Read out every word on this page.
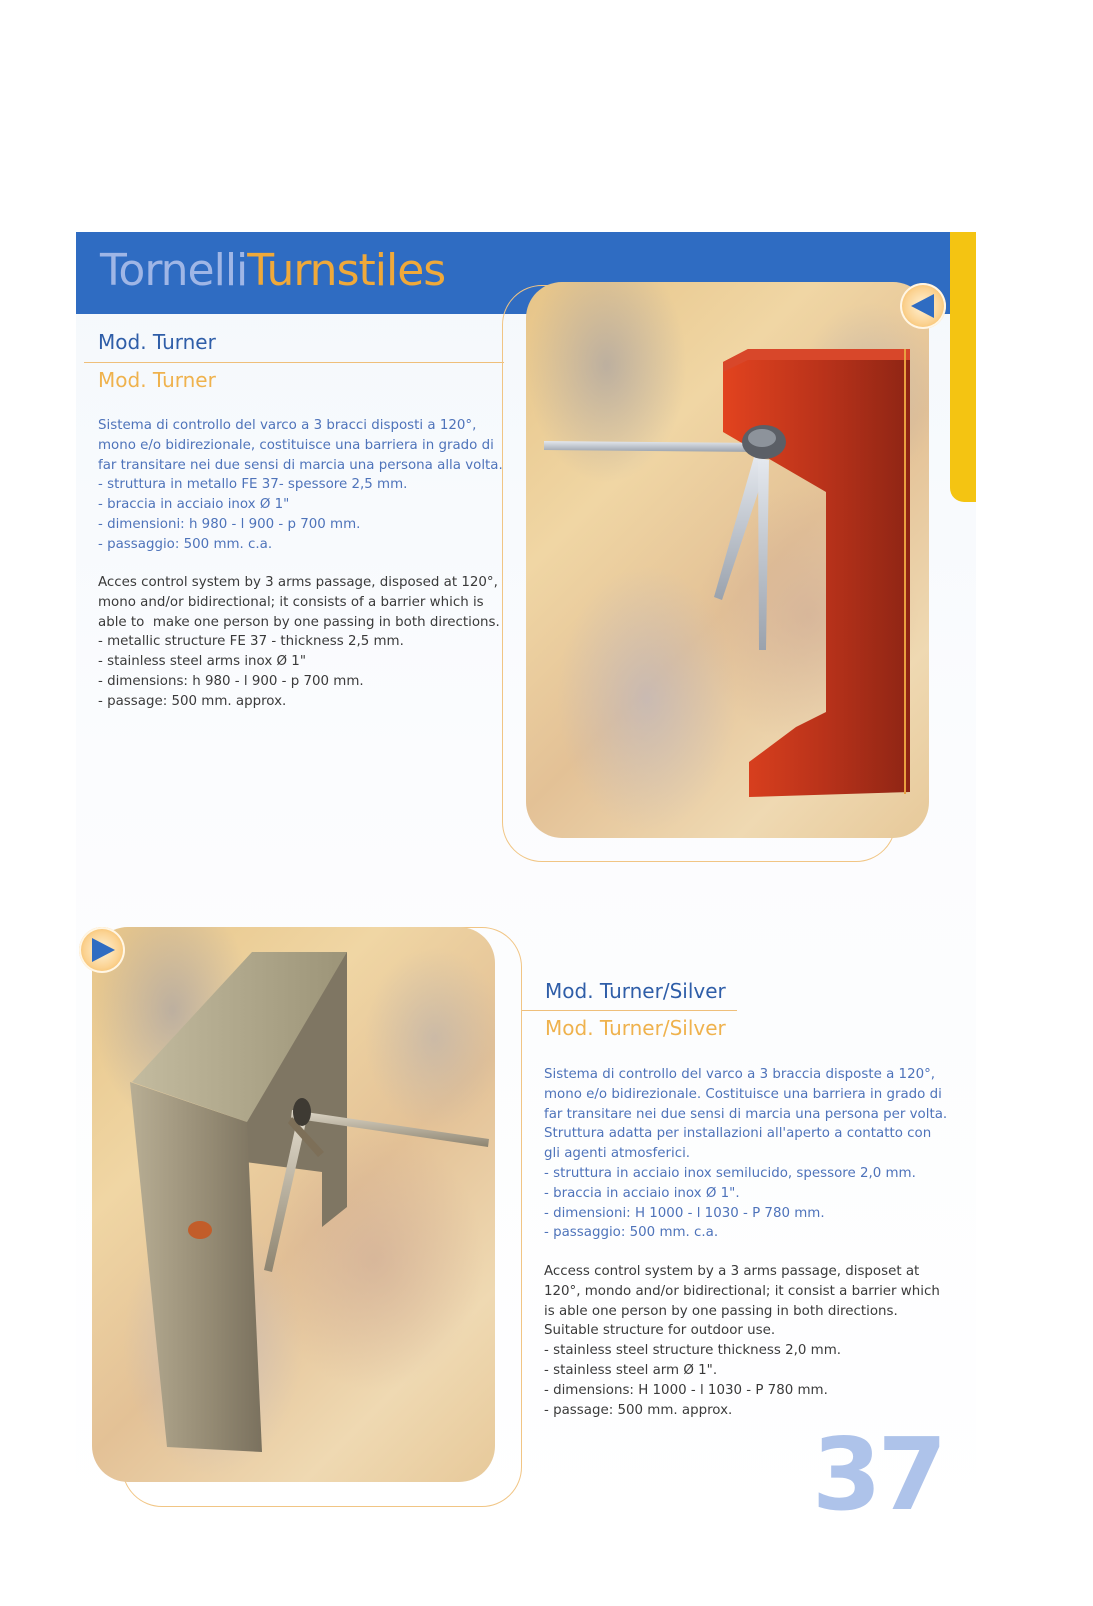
TornelliTurnstiles
Mod. Turner
Mod. Turner

Sistema di controllo del varco a 3 bracci disposti a 120°,

mono e/o bidirezionale, costituisce una barriera in grado di

far transitare nei due sensi di marcia una persona alla volta.

- struttura in metallo FE 37- spessore 2,5 mm.

- braccia in acciaio inox Ø 1"

- dimensioni: h 980 - l 900 - p 700 mm.

- passaggio: 500 mm. c.a.

Acces control system by 3 arms passage, disposed at 120°,

mono and/or bidirectional; it consists of a barrier which is

able to  make one person by one passing in both directions.

- metallic structure FE 37 - thickness 2,5 mm.

- stainless steel arms inox Ø 1"

- dimensions: h 980 - l 900 - p 700 mm.

- passage: 500 mm. approx.

Mod. Turner/Silver
Mod. Turner/Silver

Sistema di controllo del varco a 3 braccia disposte a 120°,

mono e/o bidirezionale. Costituisce una barriera in grado di

far transitare nei due sensi di marcia una persona per volta.

Struttura adatta per installazioni all'aperto a contatto con

gli agenti atmosferici.

- struttura in acciaio inox semilucido, spessore 2,0 mm.

- braccia in acciaio inox Ø 1".

- dimensioni: H 1000 - l 1030 - P 780 mm.

- passaggio: 500 mm. c.a.

Access control system by a 3 arms passage, disposet at

120°, mondo and/or bidirectional; it consist a barrier which

is able one person by one passing in both directions.

Suitable structure for outdoor use.

- stainless steel structure thickness 2,0 mm.

- stainless steel arm Ø 1".

- dimensions: H 1000 - l 1030 - P 780 mm.

- passage: 500 mm. approx.

37
